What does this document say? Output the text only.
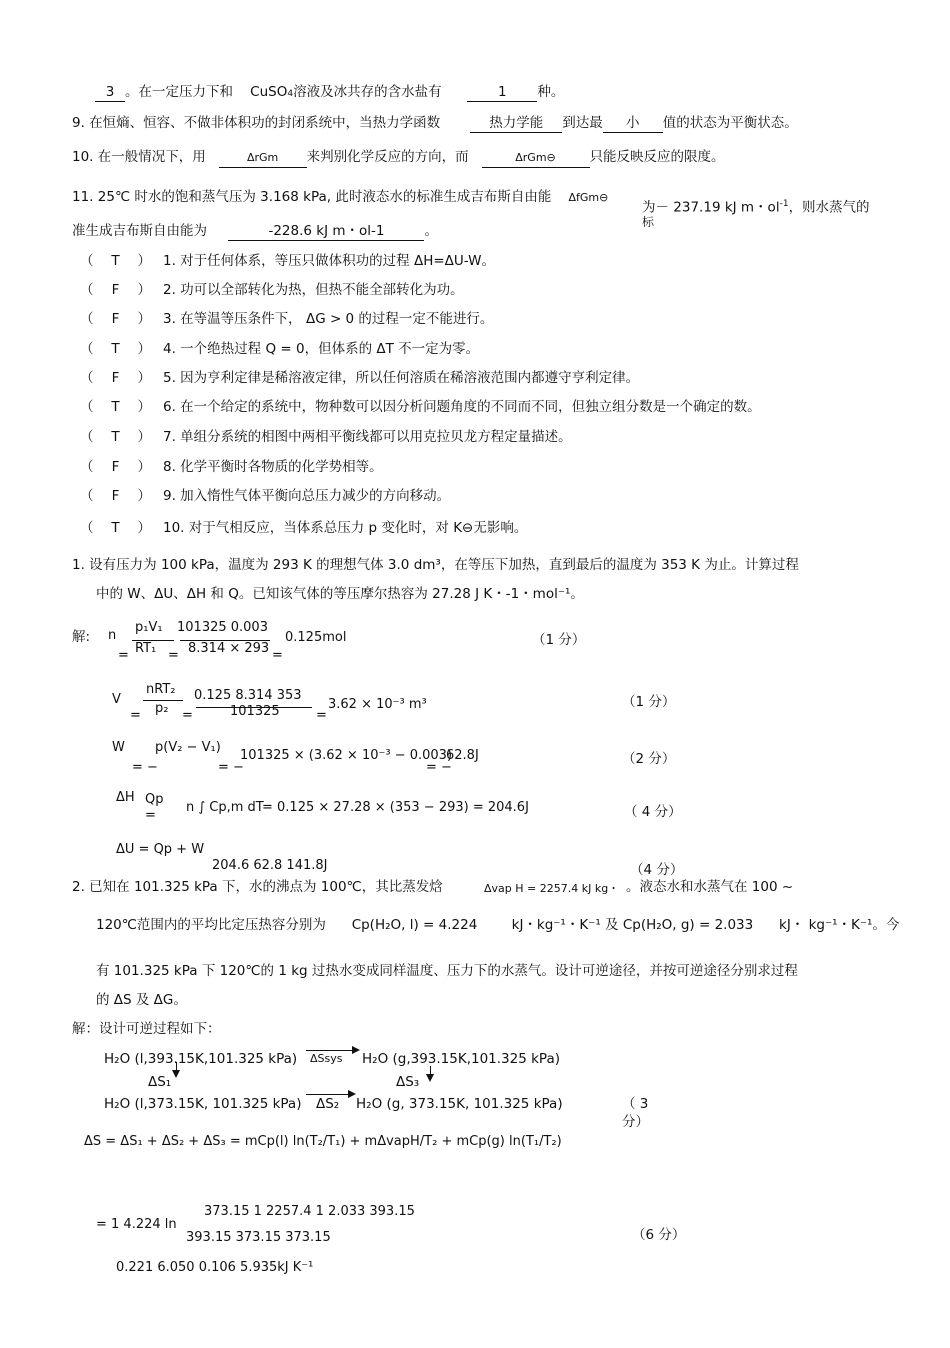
3 。在一定压力下和 CuSO4溶液及冰共存的含水盐有	1 种。
9. 在恒熵、恒容、不做非体积功的封闭系统中，当热力学函数	热力学能 到达最 小 值的状态为平衡状态。
10. 在一般情况下，用	ΔrGm 来判别化学反应的方向，而	ΔrGm⊖	只能反映反应的限度。
11. 25℃ 时水的饱和蒸气压为 3.168 kPa, 此时液态水的标准生成吉布斯自由能 ΔfGm⊖
为－ 237.19 kJ m・$ol^{-1}$，则水蒸气的
标
准生成吉布斯自由能为	-228.6 kJ m・ol-1	。
（ T ） 1. 对于任何体系，等压只做体积功的过程 ΔH=ΔU-W。
（ F ） 2. 功可以全部转化为热，但热不能全部转化为功。
（ F ） 3. 在等温等压条件下， ΔG > 0 的过程一定不能进行。
（ T ） 4. 一个绝热过程 Q = 0，但体系的 ΔT 不一定为零。
（ F ） 5. 因为亨利定律是稀溶液定律，所以任何溶质在稀溶液范围内都遵守亨利定律。
（ T ） 6. 在一个给定的系统中，物种数可以因分析问题角度的不同而不同，但独立组分数是一个确定的数。
（ T ） 7. 单组分系统的相图中两相平衡线都可以用克拉贝龙方程定量描述。
（ F ） 8. 化学平衡时各物质的化学势相等。
（ F ） 9. 加入惰性气体平衡向总压力减少的方向移动。
（ T ） 10. 对于气相反应，当体系总压力 p 变化时，对 K⊖无影响。
1. 设有压力为 100 kPa，温度为 293 K 的理想气体 3.0 dm³，在等压下加热，直到最后的温度为 353 K 为止。计算过程
中的 W、ΔU、ΔH 和 Q。已知该气体的等压摩尔热容为 27.28 J K・-1・mol⁻¹。
解: n
=
p₁V₁
RT₁ =
101325 0.003
8.314 × 293 =
0.125mol	（1 分）
V
=
nRT₂
p₂ =
0.125 8.314 353
101325	=
3.62 × 10⁻³ m³	（1 分）
W
= −
p(V₂ − V₁)
= −
101325 × (3.62 × 10⁻³ − 0.003)
= −
62.8J	（2 分）
ΔH Qp
=
n ∫ Cp,m dT
= 0.125 × 27.28 × (353 − 293) = 204.6J	（ 4 分）
ΔU = Qp + W
204.6 62.8 141.8J	（4 分）
2. 已知在 101.325 kPa 下，水的沸点为 100℃，其比蒸发焓	Δvap H = 2257.4 kJ kg・ 。液态水和水蒸气在 100 ~
120℃范围内的平均比定压热容分别为 Cp(H₂O, l) = 4.224	kJ・kg⁻¹・K⁻¹ 及 Cp(H₂O, g) = 2.033 kJ・ kg⁻¹・K⁻¹。今
有 101.325 kPa 下 120℃的 1 kg 过热水变成同样温度、压力下的水蒸气。设计可逆途径，并按可逆途径分别求过程
的 ΔS 及 ΔG。
解：设计可逆过程如下：
H₂O (l,393.15K,101.325 kPa) ΔSsys H₂O (g,393.15K,101.325 kPa)
ΔS₁	ΔS₃
H₂O (l,373.15K, 101.325 kPa) ΔS₂ H₂O (g, 373.15K, 101.325 kPa)	（ 3 分）
ΔS = ΔS₁ + ΔS₂ + ΔS₃ = mCp(l) ln(T₂/T₁) + mΔvapH/T₂ + mCp(g) ln(T₁/T₂)
373.15 1 2257.4 1 2.033 393.15
= 1 4.224 ln
393.15 373.15 373.15	（6 分）
0.221 6.050 0.106 5.935kJ K⁻¹
